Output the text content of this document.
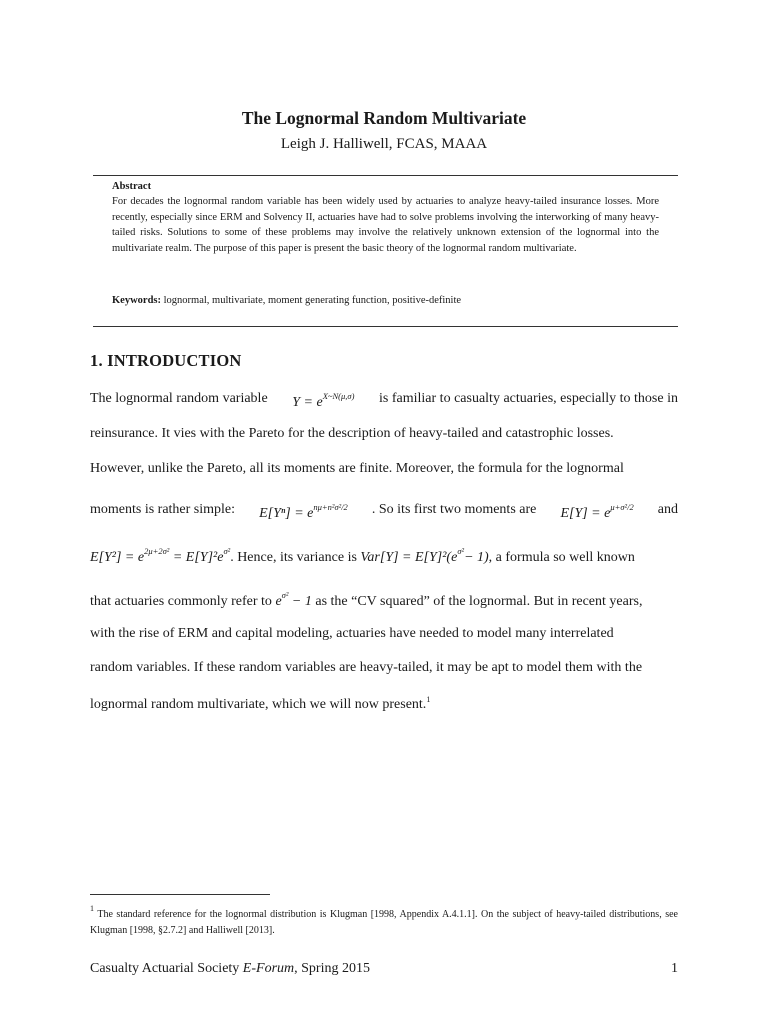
The Lognormal Random Multivariate
Leigh J. Halliwell, FCAS, MAAA

Abstract

For decades the lognormal random variable has been widely used by actuaries to analyze heavy-tailed insurance losses. More recently, especially since ERM and Solvency II, actuaries have had to solve problems involving the interworking of many heavy-tailed risks. Solutions to some of these problems may involve the relatively unknown extension of the lognormal into the multivariate realm. The purpose of this paper is present the basic theory of the lognormal random multivariate.

Keywords: lognormal, multivariate, moment generating function, positive-definite

1. INTRODUCTION
The lognormal random variable $Y = e^{X\sim N(\mu,\sigma)}$ is familiar to casualty actuaries, especially to those in
reinsurance. It vies with the Pareto for the description of heavy-tailed and catastrophic losses.
However, unlike the Pareto, all its moments are finite. Moreover, the formula for the lognormal
moments is rather simple: $E[Y^n] = e^{n\mu+n^2\sigma^2/2}$ . So its first two moments are $E[Y] = e^{\mu+\sigma^2/2}$ and
$E[Y^2] = e^{2\mu+2\sigma^2} = E[Y]^2e^{\sigma^2}$. Hence, its variance is $Var[Y] = E[Y]^2(e^{\sigma^2}- 1)$, a formula so well known
that actuaries commonly refer to $e^{\sigma^2} - 1$ as the “CV squared” of the lognormal. But in recent years,
with the rise of ERM and capital modeling, actuaries have needed to model many interrelated
random variables. If these random variables are heavy-tailed, it may be apt to model them with the
lognormal random multivariate, which we will now present.$^1$

$^1$ The standard reference for the lognormal distribution is Klugman [1998, Appendix A.4.1.1]. On the subject of heavy-tailed distributions, see Klugman [1998, §2.7.2] and Halliwell [2013].

Casualty Actuarial Society E-Forum, Spring 2015	1
